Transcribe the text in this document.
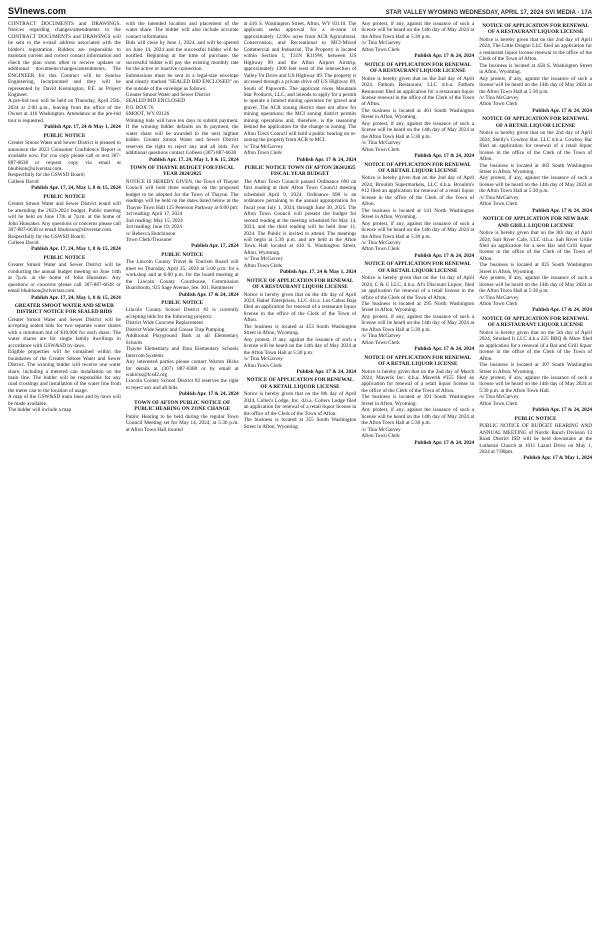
SVInews.com	STAR VALLEY WYOMING WEDNESDAY, APRIL 17, 2024 SVI MEDIA - 17A
CONTRACT DOCUMENTS and DRAWINGS. Notices regarding changes/amendments to the CONTRACT DOCUMENTS and DRAWINGS will be sent to the e-mail address associated with the bidder's registration. Bidders are responsible to maintain current and correct contact information and check the plan room often to receive updates or additional documents/changes/amendments. The ENGINEER for this Contract will be Sunrise Engineering, Incorporated and they will be represented by David Kennington, P.E. as Project Engineer.
A pre-bid tour will be held on Thursday, April 25th, 2024 at 2:00 p.m., leaving from the office of the Owner at 416 Washington. Attendance at the pre-bid tour is requested.
Publish Apr. 17, 24 & May 1, 2024
PUBLIC NOTICE
Greater Smoot Water and Sewer District is pleased to announce the 2023 Consumer Confidence Report is available now. For you copy please call or text 307-887-6638 or request copy via email at bhubison@silverstar.com.
Respectfully for the GSWSD Board;
Colleen David
Publish Apr. 17, 24, May 1, 8 & 15, 2024
PUBLIC NOTICE
Greater Smoot Water and Sewer District board will be amending the 2023-2024 budget. Public meeting will be held on June 17th at 7p.m. at the home of John Hunsaker. Any questions or concerns please call 307-887-6638 or email bhubison@silverstar.com.
Respectfully for the GSWSD Board;
Colleen David
Publish Apr. 17, 24, May 1, 8 & 15, 2024
PUBLIC NOTICE
Greater Smoot Water and Sewer District will be conducting the annual budget meeting on June 14th at 7p.m. at the home of John Hunsaker. Any questions or concerns please call 307-887-6638 or email bhubison@silverstar.com.
Publish Apr. 17, 24, May 1, 8 & 15, 2024
GREATER SMOOT WATER AND SEWER DISTRICT NOTICE FOR SEALED BIDS
Greater Smoot Water and Sewer District will be accepting sealed bids for two separate water shares with a minimum bid of $10,000 for each share. The water shares are for single family dwellings in accordance with GSW&SD by-laws.
Eligible properties will be contained within the boundaries of the Greater Smoot Water and Sewer District. The winning bidder will receive one water share, including a metered can installation on the main line. The bidder will be responsible for any road crossings and installation of the water line from the meter can to the location of usage.
A map of the GSW&SD main lines and by-laws will be made available.
The bidder will include a map
with the intended location and placement of the water share. The bidder will also include accurate contact information.
Bids will close by June 1, 2024, and will be opened on June 14, 2024 and the successful bidder will be notified. Beginning at the time of purchase, the successful bidder will pay the existing monthly rate for the active or inactive connection.
Submissions must be sent in a legal-size envelope and clearly marked "SEALED BID ENCLOSED" on the outside of the envelope as follows:
Greater Smoot Water and Sewer District
SEALED BID ENCLOSED
P.O. BOX 76
SMOOT, WY 83126
Winning bids will have ten days to submit payment. If the winning bidder defaults on th payment, the water share will be awarded to the next highest bidder. Greater Smoot Water and Sewer District reserves the right to reject any and all bids. For additional questions contact Colleen (307) 887-6638
Publish Apr. 17, 24, May 1, 8 & 15, 2024
TOWN OF THAYNE BUDGET FOR FISCAL YEAR 2024/2025
NOTICE IS HEREBY GIVEN, the Town of Thayne Council will hold three readings on the proposed budget to be adopted for the Town of Thayne. The readings will be held on the dates listed below at the Thayne Town Hall 115 Peterson Parkway at 6:00 pm:
1st reading: April 17, 2024
2nd reading: May 15, 2024
3rd reading: June 19, 2024
/s/ Rebecca Hutchinson
Town Clerk/Treasurer
Publish Apr. 17, 2024
PUBLIC NOTICE
The Lincoln County Travel & Tourism Board will meet on Thursday, April 25, 2024 at 5:00 p.m. for a workshop and at 6:00 p.m. for the board meeting at the Lincoln County Courthouse, Commission Boardroom, 925 Sage Avenue, Ste. 301, Kemmerer
Publish Apr. 17 & 24, 2024
PUBLIC NOTICE
Lincoln County School District #2 is currently accepting bids for the following projects:
District Wide Concrete Replacement
District Wide Septic and Grease Trap Pumping
Additional Playground Bark at all Elementary Schools
Thayne Elementary and Etna Elementary Schools Intercom Systems
Any interested parties please contact Warren Hicks for details at (307) 887-0380 or by email at wahicks@lcsd2.org
Lincoln County School District #2 reserves the right to reject any and all bids.
Publish Apr. 17 & 24, 2024
TOWN OF AFTON PUBLIC NOTICE OF PUBLIC HEARING ON ZONE CHANGE
Public Hearing to be held during the regular Town Council Meeting set for May 14, 2024, at 5:30 p.m. at Afton Town Hall located
at 416 S. Washington Street, Afton, WY 83110. The applicant seeks approval for a re-zone of approximately 12.90± acres from ACR Agricultural, Conservation, and Recreational to MCI-Mixed Commercial and Industrial. The Property is located within Section 1, T31N R119W, between US Highway 89 and the Afton Airport Airstrip, approximately 1300 feet west of the intersection of Valley Vu Drive and US Highway 89. The property is accessed through a private drive off US Highway 89, South of Papworth. The applicant owns Mountain Star Products, LLC, and intends to apply for a permit to operate a limited mining operation for gravel and gravel. The ACR zoning district does not allow for mining operations; the MCI zoning district permits mining operations and, therefore, is the reasoning behind the application for the change in zoning. The Afton Town Council will hold a public hearing on re-zoning the property from ACR to MCI.
/s/ Tina McGarvey
Afton Town Clerk
Publish Apr. 17 & 24, 2024
PUBLIC NOTICE TOWN OF AFTON 2024/2025 FISCAL YEAR BUDGET
The Afton Town Council passed Ordinance 690 on first reading at their Afton Town Council meeting scheduled April 9, 2024. Ordinance 690 is an ordinance pertaining to the annual appropriation for fiscal year July 1, 2024, through June 30, 2025. The Afton Town Council will present the budget for second reading at the meeting scheduled for May 14, 2024, and the third reading will be held June 11, 2024. The Public is invited to attend. The meetings will begin at 5:30 p.m. and are held at the Afton Town Hall located at 416 S. Washington Street, Afton, Wyoming.
/s/ Tina McGarvey
Afton Town Clerk
Publish Apr. 17, 24 & May 1, 2024
NOTICE OF APPLICATION FOR RENEWAL OF A RESTAURANT LIQUOR LICENSE
Notice is hereby given that on the 4th day of April 2024, Hahel Enterprises, LLC d.b.a. Los Cabos Baja filed an application for renewal of a restaurant liquor license in the office of the Clerk of the Town of Afton.
The business is located at 453 South Washington Street in Afton, Wyoming.
Any protest, if any, against the issuance of such a license will be heard on the 14th day of May 2024 at the Afton Town Hall at 5:30 p.m.
/s/ Tina McGarvey
Afton Town Clerk
Publish Apr. 17 & 24, 2024
NOTICE OF APPLICATION FOR RENEWAL OF A RETAIL LIQUOR LICENSE
Notice is hereby given that on the 9th day of April 2024, Colter's Lodge, Inc. d.b.a. Colters Lodge filed an application for renewal of a retail liquor license in the office of the Clerk of the Town of Afton.
The business is located at 355 South Washington Street in Afton, Wyoming.
Any protest, if any, against the issuance of such a license will be heard on the 14th day of May 2024 at the Afton Town Hall at 5:30 p.m.
/s/ Tina McGarvey
Afton Town Clerk
Publish Apr. 17 & 24, 2024
NOTICE OF APPLICATION FOR RENEWAL OF A RESTAURANT LIQUOR LICENSE
Notice is hereby given that on the 2nd day of April 2024, Fathom Restaurant, LLC d.b.a. Fathom Restaurant filed an application for a restaurant liquor license renewal in the office of the Clerk of the Town of Afton.
The business is located at 461 South Washington Street in Afton, Wyoming.
Any protest, if any, against the issuance of such a license will be heard on the 14th day of May 2024 at the Afton Town Hall at 5:30 p.m.
/s/ Tina McGarvey
Afton Town Clerk
Publish Apr. 17 & 24, 2024
NOTICE OF APPLICATION FOR RENEWAL OF A RETAIL LIQUOR LICENSE
Notice is hereby given that on the 2nd day of April 2024, Broulim Supermarkets, LLC d.b.a. Broulim's #12 filed an application for renewal of a retail liquor license in the office of the Clerk of the Town of Afton.
The business is located at 141 North Washington Street in Afton, Wyoming.
Any protest, if any, against the issuance of such a license will be heard on the 14th day of May 2024 at the Afton Town Hall at 5:30 p.m.
/s/ Tina McGarvey
Afton Town Clerk
Publish Apr. 17 & 24, 2024
NOTICE OF APPLICATION FOR RENEWAL OF A RETAIL LIQUOR LICENSE
Notice is hereby given that on the 1st day of April 2024, C & G LLC, d.b.a. AJ's Discount Liquor, filed an application for renewal of a retail license in the office of the Clerk of the Town of Afton.
The business is located at 295 North Washington Street in Afton, Wyoming.
Any protest, if any, against the issuance of such a license will be heard on the 14th day of May 2024 at the Afton Town Hall at 5:30 p.m.
/s/ Tina McGarvey
Afton Town Clerk
Publish Apr. 17 & 24, 2024
NOTICE OF APPLICATION FOR RENEWAL OF A RETAIL LIQUOR LICENSE
Notice is hereby given that on the 2nd day of March 2024, Maverik Inc. d.b.a. Maverik #355 filed an application for renewal of a retail liquor license in the office of the Clerk of the Town of Afton.
The business is located at 391 South Washington Street in Afton, Wyoming.
Any protest, if any, against the issuance of such a license will be heard on the 14th day of May 2024 at the Afton Town Hall at 5:30 p.m.
/s/ Tina McGarvey
Afton Town Clerk
Publish Apr. 17 & 24, 2024
NOTICE OF APPLICATION FOR RENEWAL OF A RESTAURANT LIQUOR LICENSE
Notice is hereby given that on the 2nd day of April 2024, The Little Dragon LLC filed an application for a restaurant liquor license renewal in the office of the Clerk of the Town of Afton.
The business is located at 458 S. Washington Street in Afton, Wyoming.
Any protest, if any, against the issuance of such a license will be heard on the 14th day of May 2024 at the Afton Town Hall at 5:30 p.m.
/s/ Tina McGarvey
Afton Town Clerk
Publish Apr. 17 & 24, 2024
NOTICE OF APPLICATION FOR RENEWAL OF A RETAIL LIQUOR LICENSE
Notice is hereby given that on the 2nd day of April 2024, Shelly's Cowboy Bar, LLC d.b.a. Cowboy Bar filed an application for renewal of a retail liquor license in the office of the Clerk of the Town of Afton.
The business is located at 482 South Washington Street in Afton, Wyoming.
Any protest, if any, against the issuance of such a license will be heard on the 14th day of May 2024 at the Afton Town Hall at 5:30 p.m.
/s/ Tina McGarvey
Afton Town Clerk
Publish Apr. 17 & 24, 2024
NOTICE OF APPLICATION FOR NEW BAR AND GRILL LIQUOR LICENSE
Notice is hereby given that on the 8th day of April 2024, Salt River Cafe, LLC d.b.a. Salt River Grille filed an application for a new Bar and Grill liquor license in the office of the Clerk of the Town of Afton.
The business is located at 825 South Washington Street in Afton, Wyoming.
Any protest, if any, against the issuance of such a license will be heard on the 14th day of May 2024 at the Afton Town Hall at 5:30 p.m.
/s/ Tina McGarvey
Afton Town Clerk
Publish Apr. 17 & 24, 2024
NOTICE OF APPLICATION FOR RENEWAL OF A RESTAURANT LIQUOR LICENSE
Notice is hereby given that on the 5th day of April 2024, Smoked It LLC d.b.a 225 BBQ & More filed an application for a renewal of a Bar and Grill liquor license in the office of the Clerk of the Town of Afton.
The business is located at 307 South Washington Street in Afton, Wyoming.
Any protest, if any, against the issuance of such a license will be heard on the 14th day of May 2024 at 5:30 p.m. at the Afton Town Hall.
/s/ Tina McGarvey
Afton Town Clerk
Publish Apr. 17 & 24, 2024
PUBLIC NOTICE
PUBLIC NOTICE OF BUDGET HEARING AND ANNUAL MEETING of Nordic Ranch Division 13 Road District ISD will be held downstairs at the Lutheran Church at 1011 Lazari Drive on May 1, 2024 at 7:00pm.
Publish Apr. 17 & May 1, 2024
